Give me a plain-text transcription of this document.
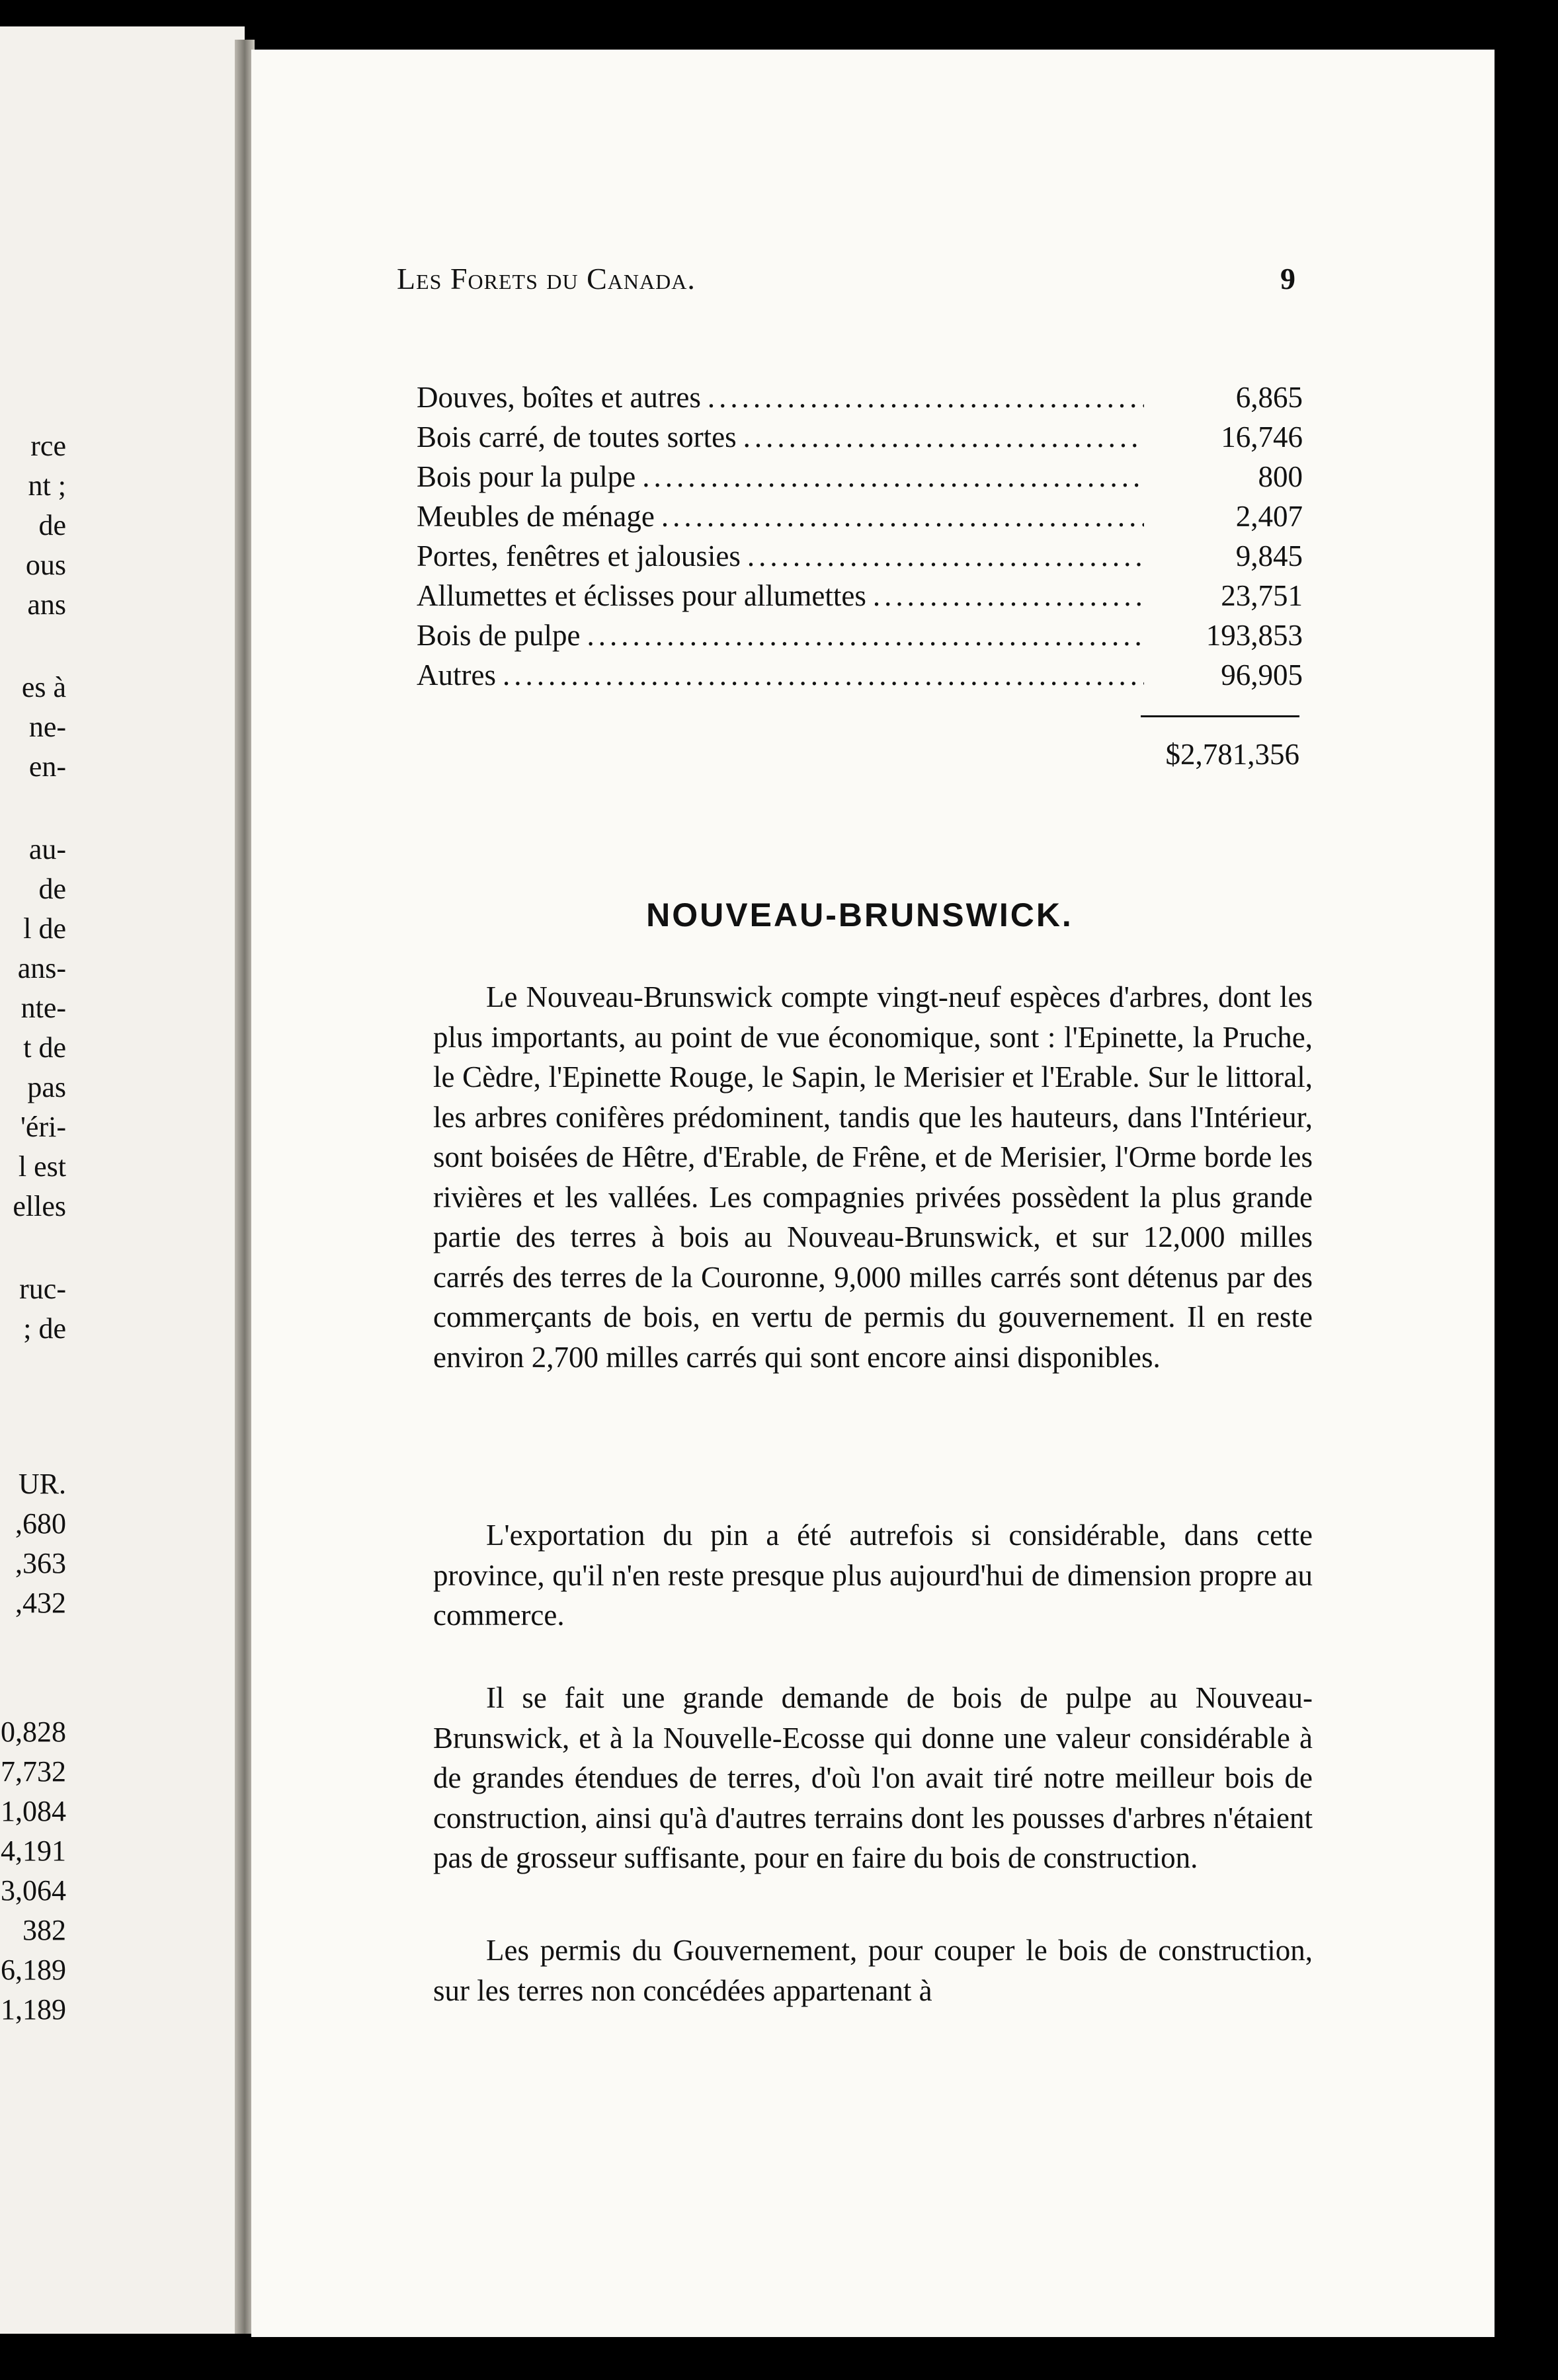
rce
nt ;
de
ous
ans
es à
ne-
en-
au-
de
l de
ans-
nte-
t de
pas
'éri-
l est
elles
ruc-
; de
UR.
,680
,363
,432
0,828
7,732
1,084
4,191
3,064
382
6,189
1,189
Les Forets du Canada.	9
Douves, boîtes et autres .....	6,865
Bois carré, de toutes sortes .....	16,746
Bois pour la pulpe .....	800
Meubles de ménage .....	2,407
Portes, fenêtres et jalousies .....	9,845
Allumettes et éclisses pour allumettes .....	23,751
Bois de pulpe .....	193,853
Autres .....	96,905
$2,781,356
NOUVEAU-BRUNSWICK.

Le Nouveau-Brunswick compte vingt-neuf espèces d'arbres, dont les plus importants, au point de vue économique, sont : l'Epinette, la Pruche, le Cèdre, l'Epinette Rouge, le Sapin, le Merisier et l'Erable. Sur le littoral, les arbres conifères prédominent, tandis que les hauteurs, dans l'Intérieur, sont boisées de Hêtre, d'Erable, de Frêne, et de Merisier, l'Orme borde les rivières et les vallées. Les compagnies privées possèdent la plus grande partie des terres à bois au Nouveau-Brunswick, et sur 12,000 milles carrés des terres de la Couronne, 9,000 milles carrés sont détenus par des commerçants de bois, en vertu de permis du gouvernement. Il en reste environ 2,700 milles carrés qui sont encore ainsi disponibles.

L'exportation du pin a été autrefois si considérable, dans cette province, qu'il n'en reste presque plus aujourd'hui de dimension propre au commerce.

Il se fait une grande demande de bois de pulpe au Nouveau-Brunswick, et à la Nouvelle-Ecosse qui donne une valeur considérable à de grandes étendues de terres, d'où l'on avait tiré notre meilleur bois de construction, ainsi qu'à d'autres terrains dont les pousses d'arbres n'étaient pas de grosseur suffisante, pour en faire du bois de construction.

Les permis du Gouvernement, pour couper le bois de construction, sur les terres non concédées appartenant à
